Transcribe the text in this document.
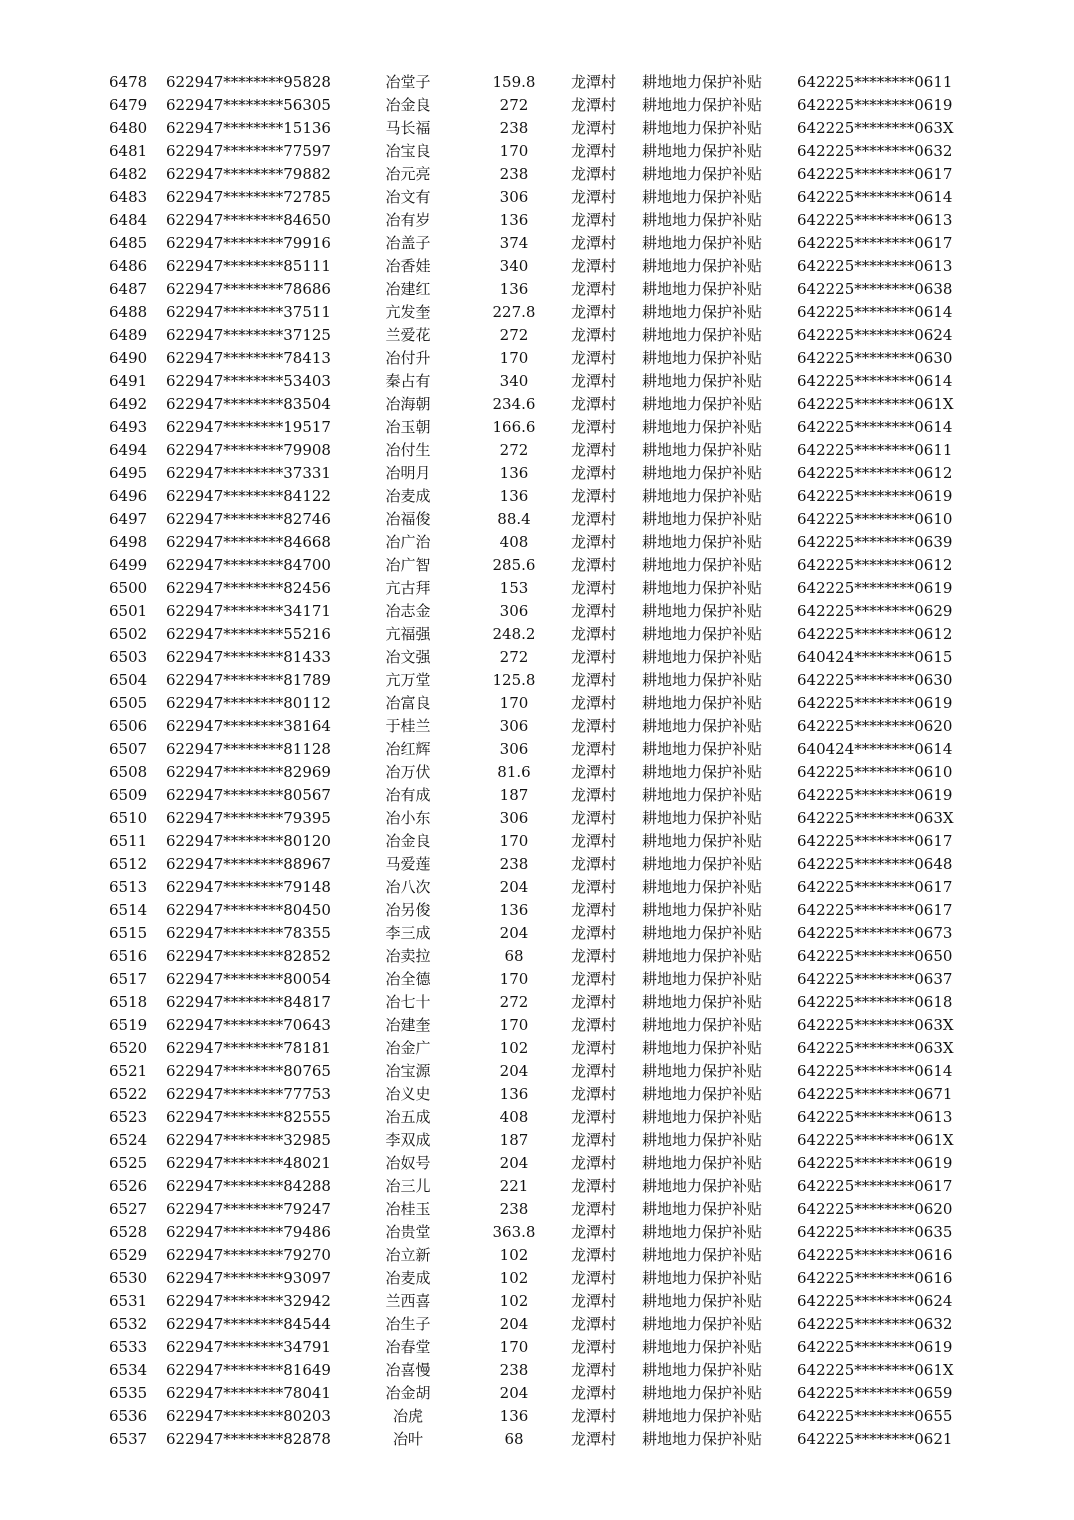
6478 622947********95828	冶堂子	159.8	龙潭村 耕地地力保护补贴 642225********0611
6479 622947********56305	冶金良	272	龙潭村 耕地地力保护补贴 642225********0619
6480 622947********15136	马长福	238	龙潭村 耕地地力保护补贴 642225********063X
6481 622947********77597	冶宝良	170	龙潭村 耕地地力保护补贴 642225********0632
6482 622947********79882	冶元亮	238	龙潭村 耕地地力保护补贴 642225********0617
6483 622947********72785	冶文有	306	龙潭村 耕地地力保护补贴 642225********0614
6484 622947********84650	冶有岁	136	龙潭村 耕地地力保护补贴 642225********0613
6485 622947********79916	冶盖子	374	龙潭村 耕地地力保护补贴 642225********0617
6486 622947********85111	冶香娃	340	龙潭村 耕地地力保护补贴 642225********0613
6487 622947********78686	冶建红	136	龙潭村 耕地地力保护补贴 642225********0638
6488 622947********37511	亢发奎	227.8	龙潭村 耕地地力保护补贴 642225********0614
6489 622947********37125	兰爱花	272	龙潭村 耕地地力保护补贴 642225********0624
6490 622947********78413	冶付升	170	龙潭村 耕地地力保护补贴 642225********0630
6491 622947********53403	秦占有	340	龙潭村 耕地地力保护补贴 642225********0614
6492 622947********83504	冶海朝	234.6	龙潭村 耕地地力保护补贴 642225********061X
6493 622947********19517	冶玉朝	166.6	龙潭村 耕地地力保护补贴 642225********0614
6494 622947********79908	冶付生	272	龙潭村 耕地地力保护补贴 642225********0611
6495 622947********37331	冶明月	136	龙潭村 耕地地力保护补贴 642225********0612
6496 622947********84122	冶麦成	136	龙潭村 耕地地力保护补贴 642225********0619
6497 622947********82746	冶福俊	88.4	龙潭村 耕地地力保护补贴 642225********0610
6498 622947********84668	冶广治	408	龙潭村 耕地地力保护补贴 642225********0639
6499 622947********84700	冶广智	285.6	龙潭村 耕地地力保护补贴 642225********0612
6500 622947********82456	亢古拜	153	龙潭村 耕地地力保护补贴 642225********0619
6501 622947********34171	冶志金	306	龙潭村 耕地地力保护补贴 642225********0629
6502 622947********55216	亢福强	248.2	龙潭村 耕地地力保护补贴 642225********0612
6503 622947********81433	冶文强	272	龙潭村 耕地地力保护补贴 640424********0615
6504 622947********81789	亢万堂	125.8	龙潭村 耕地地力保护补贴 642225********0630
6505 622947********80112	冶富良	170	龙潭村 耕地地力保护补贴 642225********0619
6506 622947********38164	于桂兰	306	龙潭村 耕地地力保护补贴 642225********0620
6507 622947********81128	冶红辉	306	龙潭村 耕地地力保护补贴 640424********0614
6508 622947********82969	冶万伏	81.6	龙潭村 耕地地力保护补贴 642225********0610
6509 622947********80567	冶有成	187	龙潭村 耕地地力保护补贴 642225********0619
6510 622947********79395	冶小东	306	龙潭村 耕地地力保护补贴 642225********063X
6511 622947********80120	冶金良	170	龙潭村 耕地地力保护补贴 642225********0617
6512 622947********88967	马爱莲	238	龙潭村 耕地地力保护补贴 642225********0648
6513 622947********79148	冶八次	204	龙潭村 耕地地力保护补贴 642225********0617
6514 622947********80450	冶另俊	136	龙潭村 耕地地力保护补贴 642225********0617
6515 622947********78355	李三成	204	龙潭村 耕地地力保护补贴 642225********0673
6516 622947********82852	冶卖拉	68	龙潭村 耕地地力保护补贴 642225********0650
6517 622947********80054	冶全德	170	龙潭村 耕地地力保护补贴 642225********0637
6518 622947********84817	冶七十	272	龙潭村 耕地地力保护补贴 642225********0618
6519 622947********70643	冶建奎	170	龙潭村 耕地地力保护补贴 642225********063X
6520 622947********78181	冶金广	102	龙潭村 耕地地力保护补贴 642225********063X
6521 622947********80765	冶宝源	204	龙潭村 耕地地力保护补贴 642225********0614
6522 622947********77753	冶义史	136	龙潭村 耕地地力保护补贴 642225********0671
6523 622947********82555	冶五成	408	龙潭村 耕地地力保护补贴 642225********0613
6524 622947********32985	李双成	187	龙潭村 耕地地力保护补贴 642225********061X
6525 622947********48021	冶奴号	204	龙潭村 耕地地力保护补贴 642225********0619
6526 622947********84288	冶三儿	221	龙潭村 耕地地力保护补贴 642225********0617
6527 622947********79247	冶桂玉	238	龙潭村 耕地地力保护补贴 642225********0620
6528 622947********79486	冶贵堂	363.8	龙潭村 耕地地力保护补贴 642225********0635
6529 622947********79270	冶立新	102	龙潭村 耕地地力保护补贴 642225********0616
6530 622947********93097	冶麦成	102	龙潭村 耕地地力保护补贴 642225********0616
6531 622947********32942	兰西喜	102	龙潭村 耕地地力保护补贴 642225********0624
6532 622947********84544	冶生子	204	龙潭村 耕地地力保护补贴 642225********0632
6533 622947********34791	冶春堂	170	龙潭村 耕地地力保护补贴 642225********0619
6534 622947********81649	冶喜慢	238	龙潭村 耕地地力保护补贴 642225********061X
6535 622947********78041	冶金胡	204	龙潭村 耕地地力保护补贴 642225********0659
6536 622947********80203	冶虎	136	龙潭村 耕地地力保护补贴 642225********0655
6537 622947********82878	冶叶	68	龙潭村 耕地地力保护补贴 642225********0621
